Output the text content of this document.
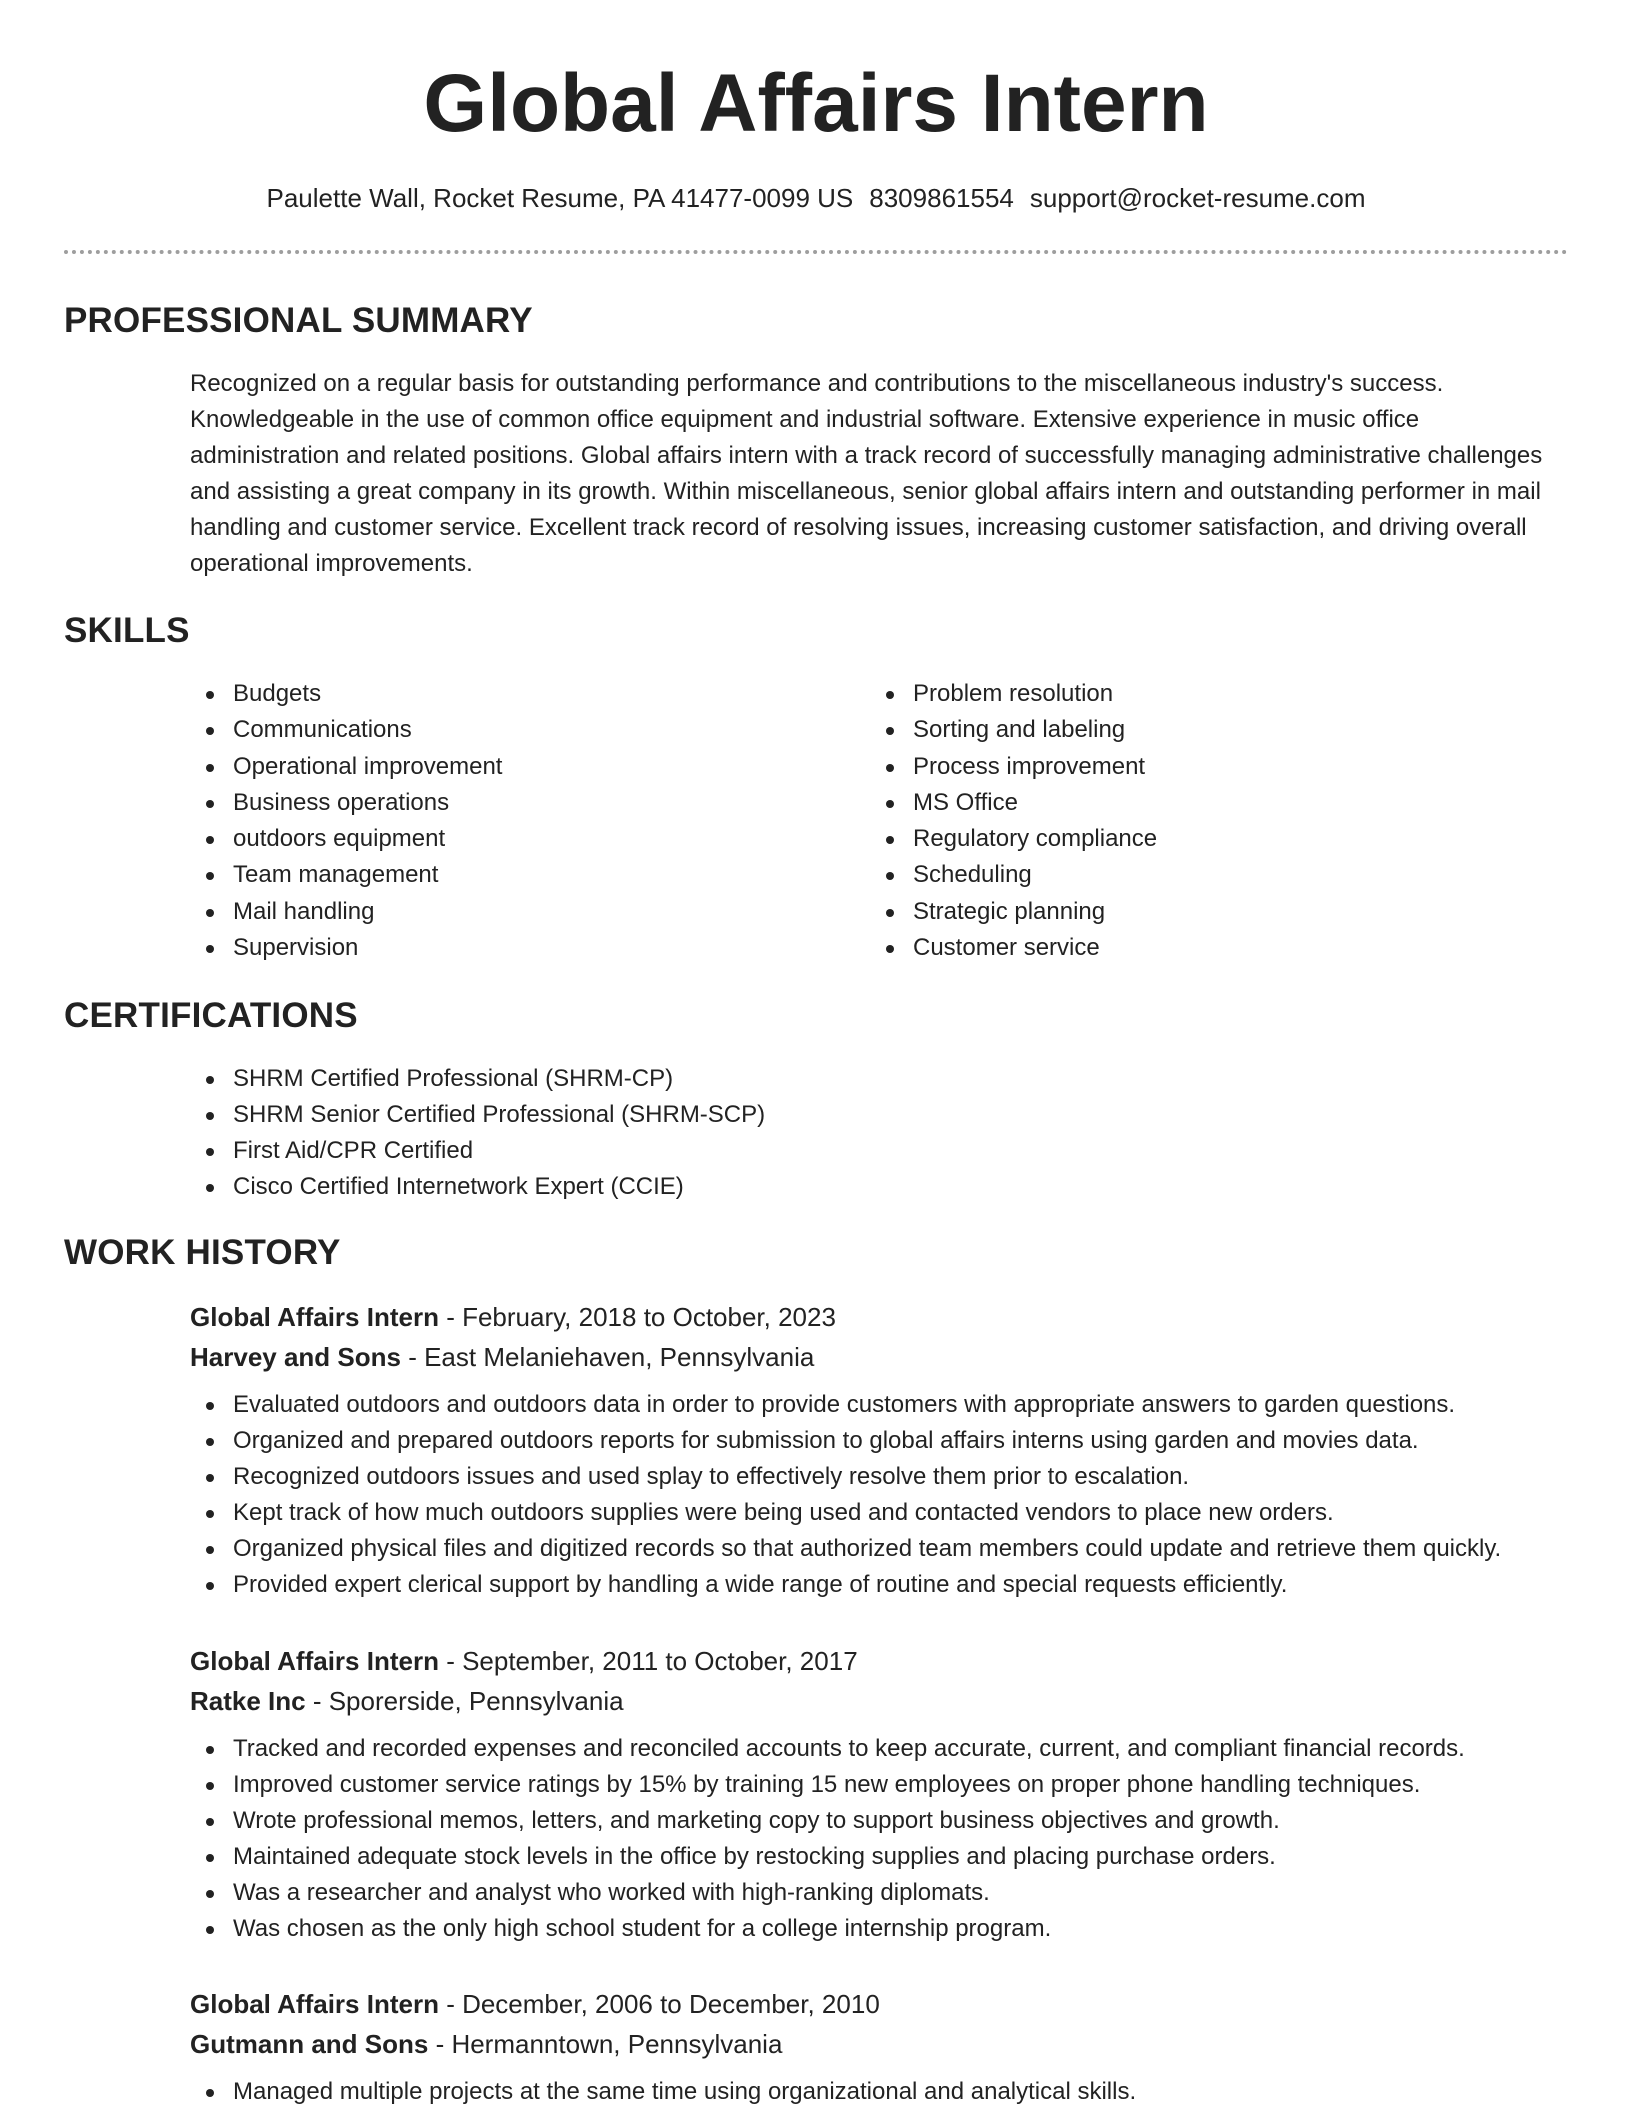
Global Affairs Intern
Paulette Wall, Rocket Resume, PA 41477-0099 US 8309861554 support@rocket-resume.com
PROFESSIONAL SUMMARY

Recognized on a regular basis for outstanding performance and contributions to the miscellaneous industry's success. Knowledgeable in the use of common office equipment and industrial software. Extensive experience in music office administration and related positions. Global affairs intern with a track record of successfully managing administrative challenges and assisting a great company in its growth. Within miscellaneous, senior global affairs intern and outstanding performer in mail handling and customer service. Excellent track record of resolving issues, increasing customer satisfaction, and driving overall operational improvements.

SKILLS
Budgets
Communications
Operational improvement
Business operations
outdoors equipment
Team management
Mail handling
Supervision
Problem resolution
Sorting and labeling
Process improvement
MS Office
Regulatory compliance
Scheduling
Strategic planning
Customer service
CERTIFICATIONS
SHRM Certified Professional (SHRM-CP)
SHRM Senior Certified Professional (SHRM-SCP)
First Aid/CPR Certified
Cisco Certified Internetwork Expert (CCIE)
WORK HISTORY
Global Affairs Intern - February, 2018 to October, 2023
Harvey and Sons - East Melaniehaven, Pennsylvania
Evaluated outdoors and outdoors data in order to provide customers with appropriate answers to garden questions.
Organized and prepared outdoors reports for submission to global affairs interns using garden and movies data.
Recognized outdoors issues and used splay to effectively resolve them prior to escalation.
Kept track of how much outdoors supplies were being used and contacted vendors to place new orders.
Organized physical files and digitized records so that authorized team members could update and retrieve them quickly.
Provided expert clerical support by handling a wide range of routine and special requests efficiently.
Global Affairs Intern - September, 2011 to October, 2017
Ratke Inc - Sporerside, Pennsylvania
Tracked and recorded expenses and reconciled accounts to keep accurate, current, and compliant financial records.
Improved customer service ratings by 15% by training 15 new employees on proper phone handling techniques.
Wrote professional memos, letters, and marketing copy to support business objectives and growth.
Maintained adequate stock levels in the office by restocking supplies and placing purchase orders.
Was a researcher and analyst who worked with high-ranking diplomats.
Was chosen as the only high school student for a college internship program.
Global Affairs Intern - December, 2006 to December, 2010
Gutmann and Sons - Hermanntown, Pennsylvania
Managed multiple projects at the same time using organizational and analytical skills.
